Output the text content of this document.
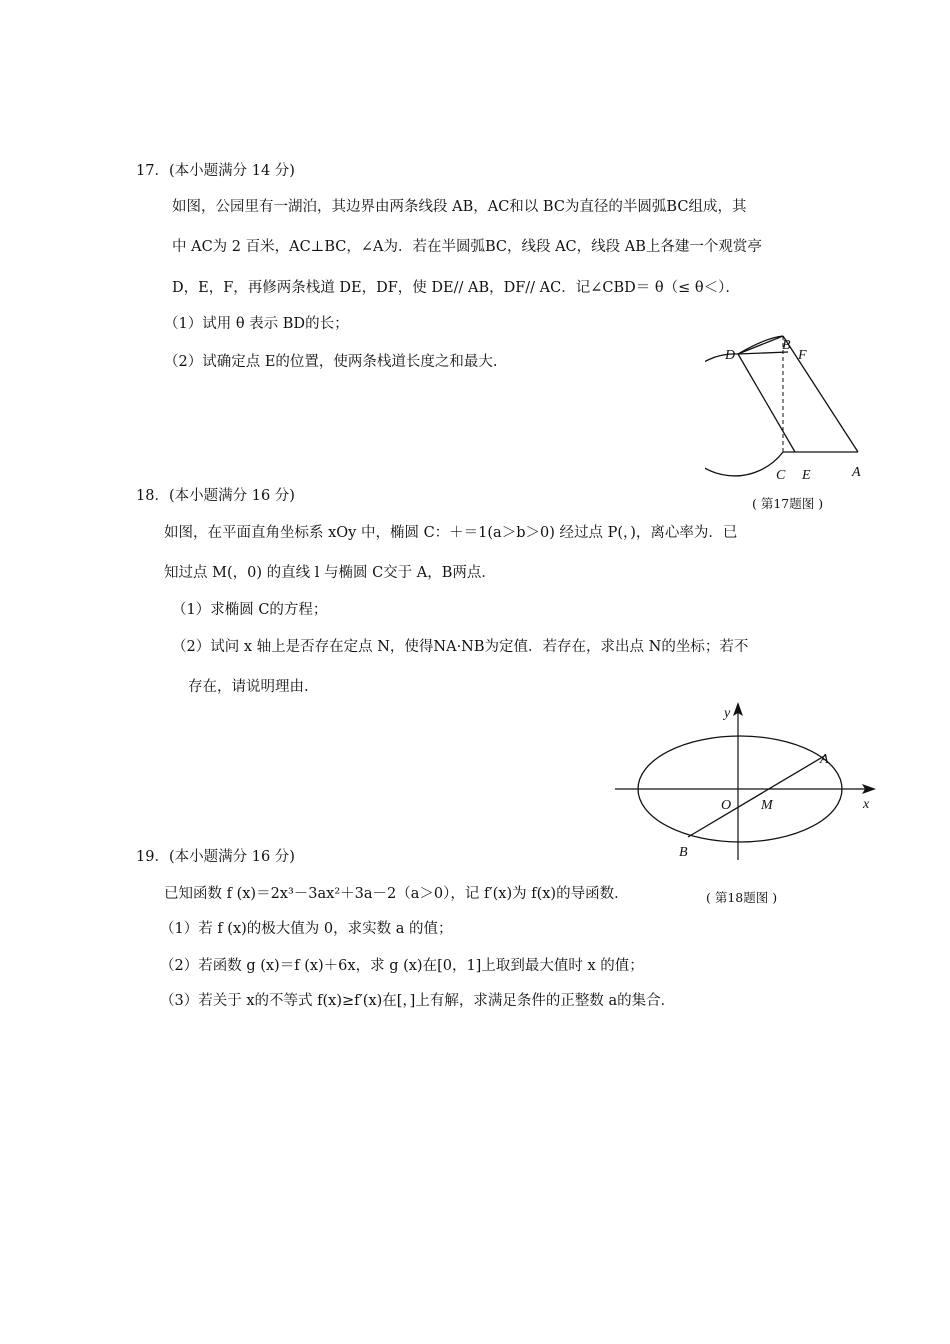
17．(本小题满分 14 分)
如图，公园里有一湖泊，其边界由两条线段 AB，AC和以 BC为直径的半圆弧BC组成，其
中 AC为 2 百米，AC⊥BC，∠A为．若在半圆弧BC，线段 AC，线段 AB上各建一个观赏亭
D，E，F，再修两条栈道 DE，DF，使 DE// AB，DF// AC．记∠CBD＝ θ（≤ θ＜）．
（1）试用 θ 表示 BD的长；
（2）试确定点 E的位置，使两条栈道长度之和最大.	D
B
F
C E	A
( 第17题图 )
18．(本小题满分 16 分)
如图，在平面直角坐标系 xOy 中，椭圆 C：＋＝1(a＞b＞0) 经过点 P(，)，离心率为．已
知过点 M(，0) 的直线 l 与椭圆 C交于 A，B两点．
（1）求椭圆 C的方程；
（2）试问 x 轴上是否存在定点 N，使得NA·NB为定值．若存在，求出点 N的坐标；若不
存在，请说明理由.
y
x
O M
A
B
( 第18题图 )
19．(本小题满分 16 分)
已知函数 f (x)＝2x³－3ax²＋3a－2（a＞0），记 f′(x)为 f(x)的导函数．
（1）若 f (x)的极大值为 0，求实数 a 的值；
（2）若函数 g (x)＝f (x)＋6x，求 g (x)在[0，1]上取到最大值时 x 的值；
（3）若关于 x的不等式 f(x)≥f′(x)在[，]上有解，求满足条件的正整数 a的集合．
